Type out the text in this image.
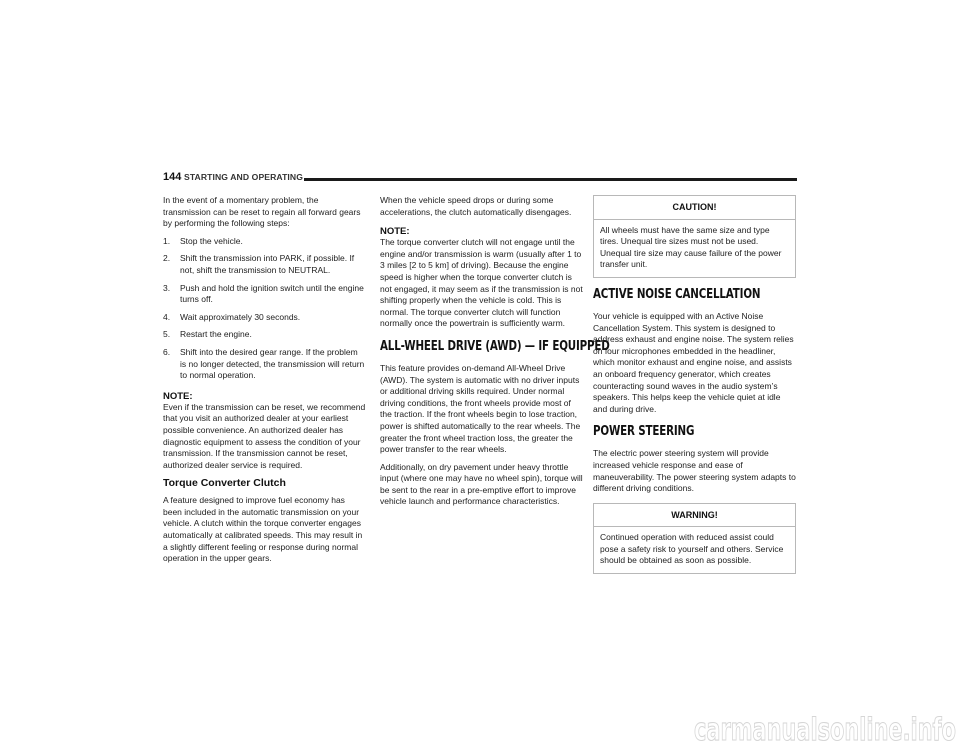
144 STARTING AND OPERATING

In the event of a momentary problem, the transmission can be reset to regain all forward gears by performing the following steps:

1. Stop the vehicle.
2. Shift the transmission into PARK, if possible. If not, shift the transmission to NEUTRAL.
3. Push and hold the ignition switch until the engine turns off.
4. Wait approximately 30 seconds.
5. Restart the engine.
6. Shift into the desired gear range. If the problem is no longer detected, the transmission will return to normal operation.
NOTE:

Even if the transmission can be reset, we recommend that you visit an authorized dealer at your earliest possible convenience. An authorized dealer has diagnostic equipment to assess the condition of your transmission. If the transmission cannot be reset, authorized dealer service is required.

Torque Converter Clutch

A feature designed to improve fuel economy has been included in the automatic transmission on your vehicle. A clutch within the torque converter engages automatically at calibrated speeds. This may result in a slightly different feeling or response during normal operation in the upper gears.

When the vehicle speed drops or during some accelerations, the clutch automatically disengages.

NOTE:

The torque converter clutch will not engage until the engine and/or transmission is warm (usually after 1 to 3 miles [2 to 5 km] of driving). Because the engine speed is higher when the torque converter clutch is not engaged, it may seem as if the transmission is not shifting properly when the vehicle is cold. This is normal. The torque converter clutch will function normally once the powertrain is sufficiently warm.

ALL-WHEEL DRIVE (AWD) — IF EQUIPPED

This feature provides on-demand All-Wheel Drive (AWD). The system is automatic with no driver inputs or additional driving skills required. Under normal driving conditions, the front wheels provide most of the traction. If the front wheels begin to lose traction, power is shifted automatically to the rear wheels. The greater the front wheel traction loss, the greater the power transfer to the rear wheels.

Additionally, on dry pavement under heavy throttle input (where one may have no wheel spin), torque will be sent to the rear in a pre-emptive effort to improve vehicle launch and performance characteristics.

CAUTION!
All wheels must have the same size and type tires. Unequal tire sizes must not be used. Unequal tire size may cause failure of the power transfer unit.
ACTIVE NOISE CANCELLATION

Your vehicle is equipped with an Active Noise Cancellation System. This system is designed to address exhaust and engine noise. The system relies on four microphones embedded in the headliner, which monitor exhaust and engine noise, and assists an onboard frequency generator, which creates counteracting sound waves in the audio system’s speakers. This helps keep the vehicle quiet at idle and during drive.

POWER STEERING

The electric power steering system will provide increased vehicle response and ease of maneuverability. The power steering system adapts to different driving conditions.

WARNING!
Continued operation with reduced assist could pose a safety risk to yourself and others. Service should be obtained as soon as possible.
carmanualsonline.info
